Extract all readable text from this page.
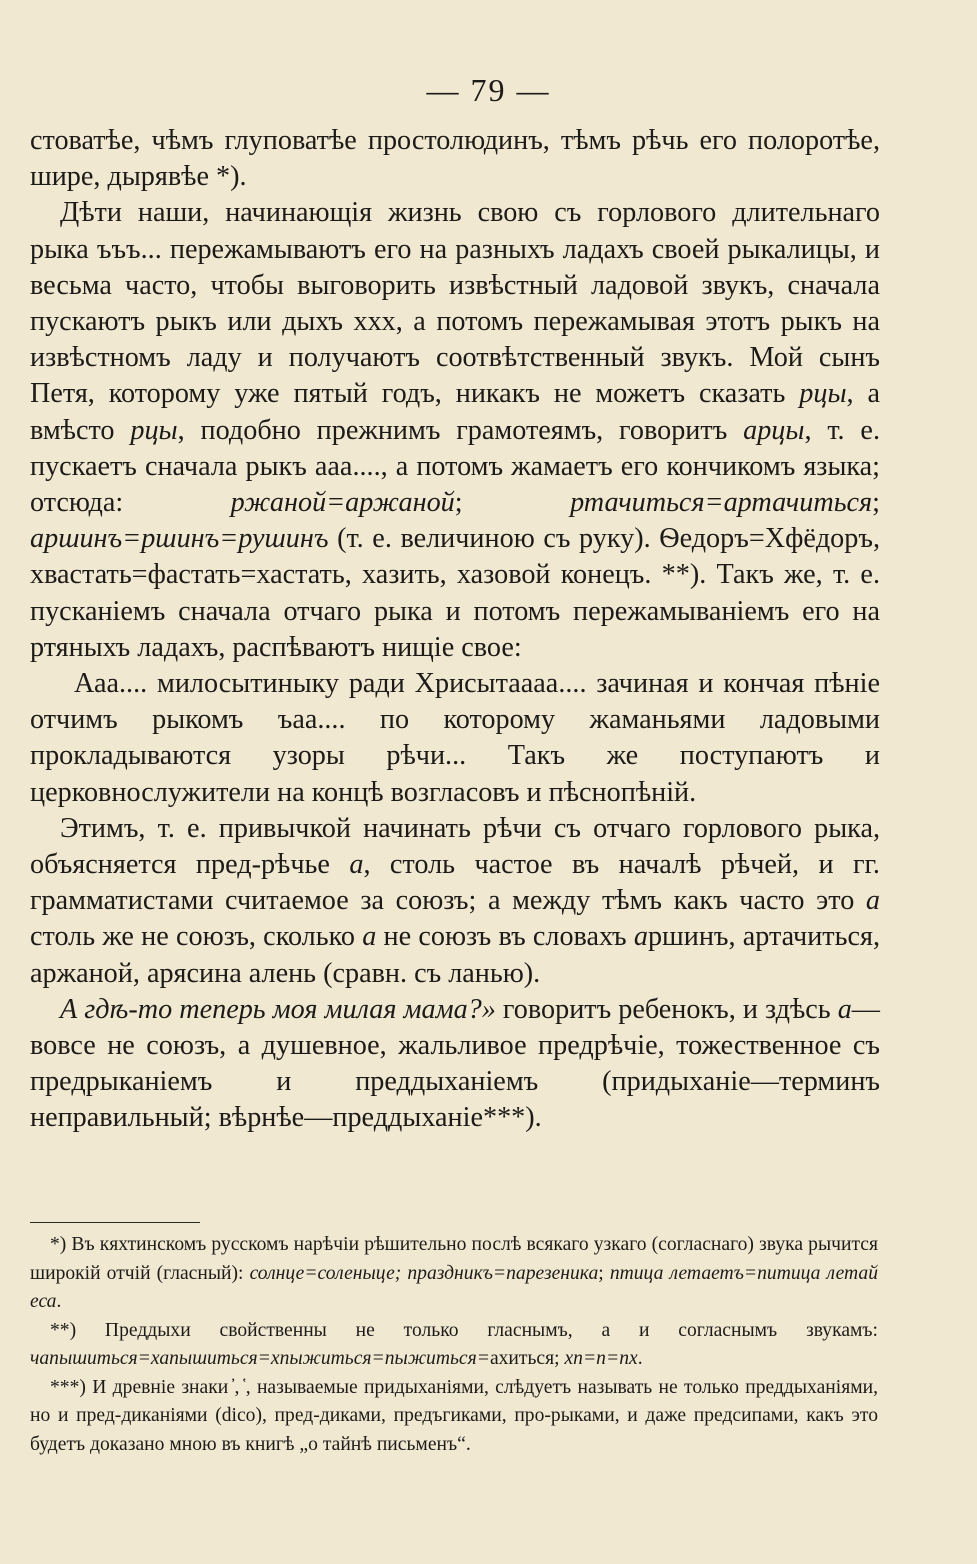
— 79 —

стоватѣе, чѣмъ глуповатѣе простолюдинъ, тѣмъ рѣчь его полоротѣе, шире, дырявѣе *).

Дѣти наши, начинающія жизнь свою съ горлового длительнаго рыка ъъъ... пережамываютъ его на разныхъ ладахъ своей рыкалицы, и весьма часто, чтобы выговорить извѣстный ладовой звукъ, сначала пускаютъ рыкъ или дыхъ xxx, а потомъ пережамывая этотъ рыкъ на извѣстномъ ладу и получаютъ соотвѣтственный звукъ. Мой сынъ Петя, которому уже пятый годъ, никакъ не можетъ сказать рцы, а вмѣсто рцы, подобно прежнимъ грамотеямъ, говоритъ арцы, т. е. пускаетъ сначала рыкъ ааа...., а потомъ жамаетъ его кончикомъ языка; отсюда: ржаной=аржаной; ртачиться=артачиться; аршинъ=ршинъ=рушинъ (т. е. величиною съ руку). Ѳедоръ=Хфёдоръ, хвастать=фастать=хастать, хазить, хазовой конецъ. **). Такъ же, т. е. пусканіемъ сначала отчаго рыка и потомъ пережамываніемъ его на ртяныхъ ладахъ, распѣваютъ нищіе свое:

Ааа.... милосытиныку ради Хрисытаааа.... зачиная и кончая пѣніе отчимъ рыкомъ ъаа.... по которому жаманьями ладовыми прокладываются узоры рѣчи... Такъ же поступаютъ и церковнослужители на концѣ возгласовъ и пѣснопѣній.

Этимъ, т. е. привычкой начинать рѣчи съ отчаго горлового рыка, объясняется пред-рѣчье а, столь частое въ началѣ рѣчей, и гг. грамматистами считаемое за союзъ; а между тѣмъ какъ часто это а столь же не союзъ, сколько а не союзъ въ словахъ аршинъ, артачиться, аржаной, арясина алень (сравн. съ ланью).

А гдѣ-то теперь моя милая мама?» говоритъ ребенокъ, и здѣсь а—вовсе не союзъ, а душевное, жальливое предрѣчіе, тожественное съ предрыканіемъ и преддыханіемъ (придыханіе—терминъ неправильный; вѣрнѣе—преддыханіе***).

*) Въ кяхтинскомъ русскомъ нарѣчіи рѣшительно послѣ всякаго узкаго (согласнаго) звука рычится широкій отчій (гласный): солнце=соленыце; праздникъ=парезеника; птица летаетъ=питица летай еса.

**) Преддыхи свойственны не только гласнымъ, а и согласнымъ звукамъ: чапышиться=хапышиться=хпыжиться=пыжиться=ахиться; хп=п=пх.

***) И древніе знаки ҆, ҅, называемые придыханіями, слѣдуетъ называть не только преддыханіями, но и пред-диканіями (dico), пред-диками, предъгиками, про-рыками, и даже предсипами, какъ это будетъ доказано мною въ книгѣ „о тайнѣ письменъ“.
